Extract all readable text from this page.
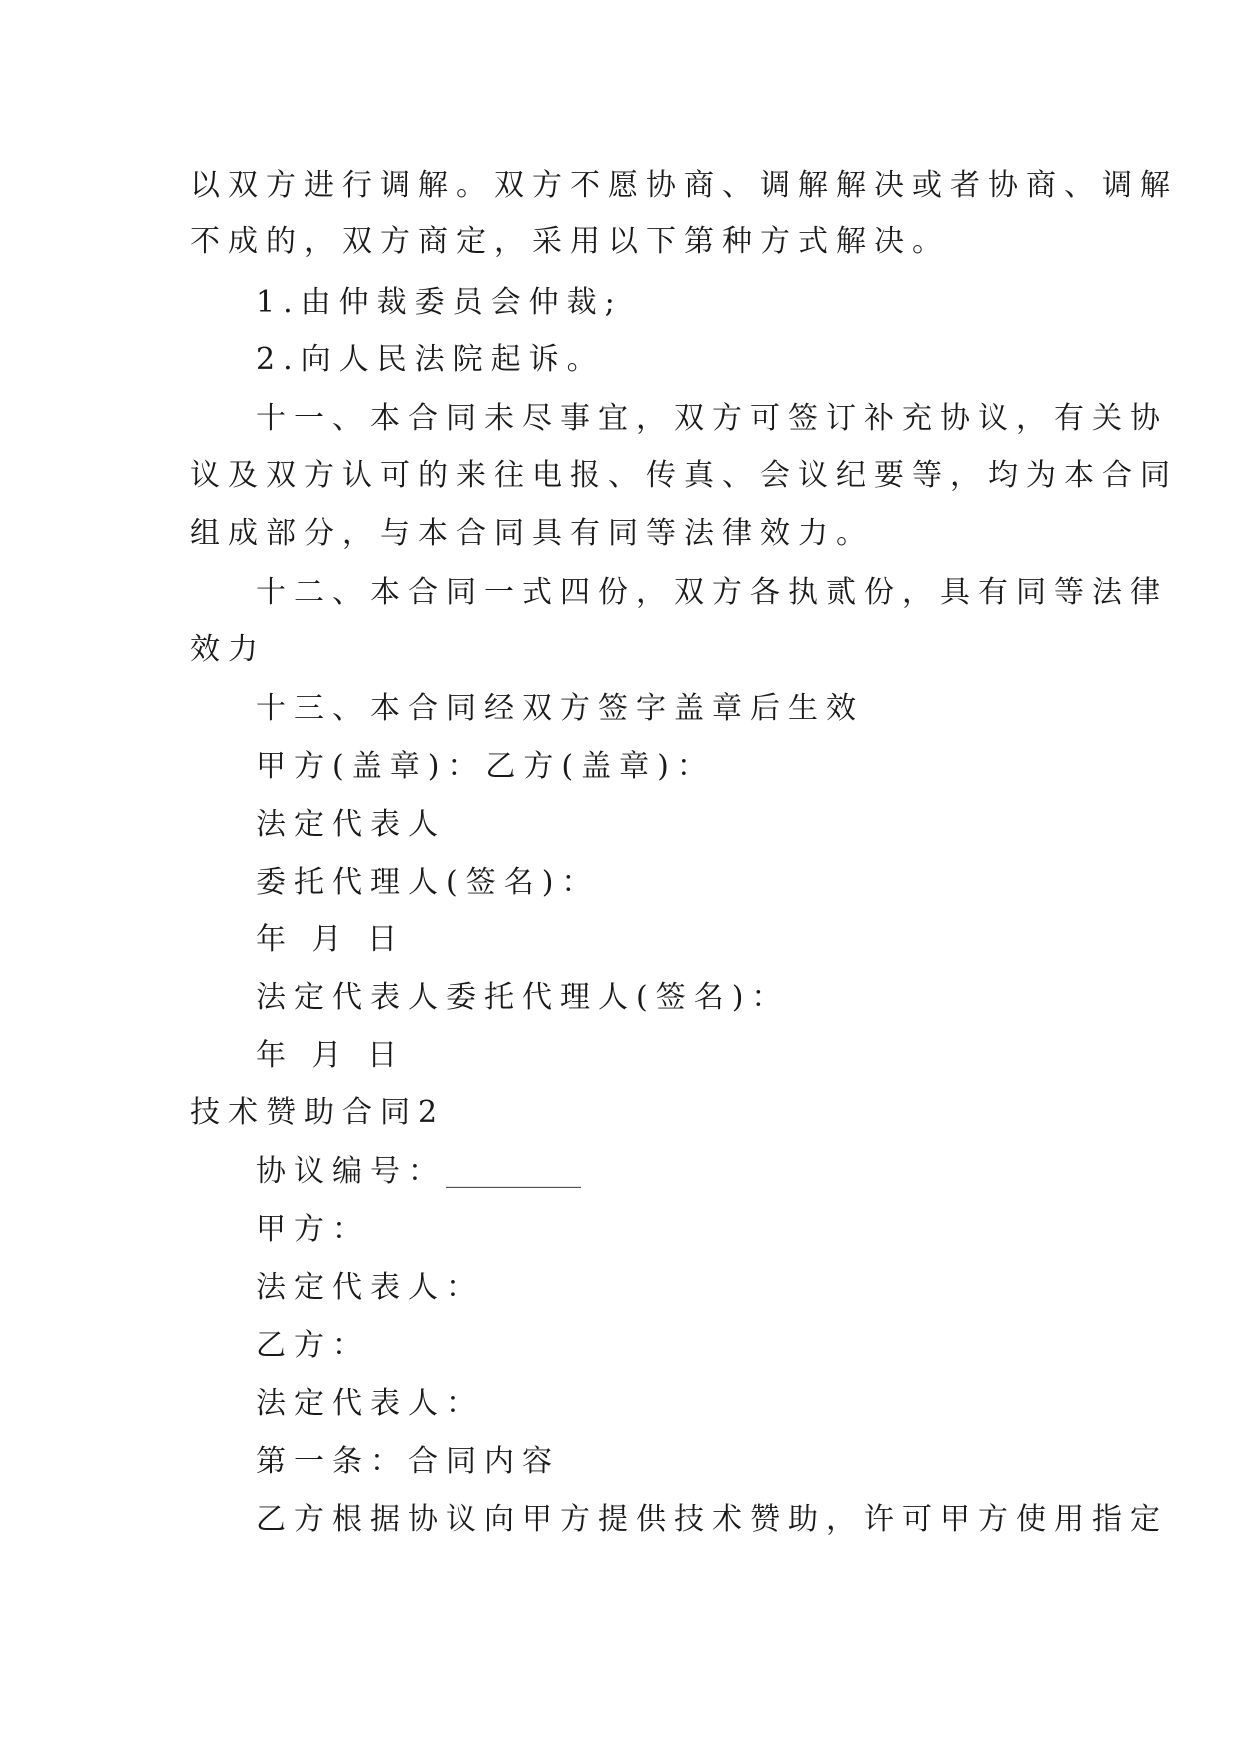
以双方进行调解。双方不愿协商、调解解决或者协商、调解
不成的，双方商定，采用以下第种方式解决。
1.由仲裁委员会仲裁;
2.向人民法院起诉。
十一、本合同未尽事宜，双方可签订补充协议，有关协
议及双方认可的来往电报、传真、会议纪要等，均为本合同
组成部分，与本合同具有同等法律效力。
十二、本合同一式四份，双方各执贰份，具有同等法律
效力
十三、本合同经双方签字盖章后生效
甲方(盖章)：乙方(盖章)：
法定代表人
委托代理人(签名)：
年 月 日
法定代表人委托代理人(签名)：
年 月 日
技术赞助合同2
协议编号：_________
甲方：
法定代表人：
乙方：
法定代表人：
第一条：合同内容
乙方根据协议向甲方提供技术赞助，许可甲方使用指定
